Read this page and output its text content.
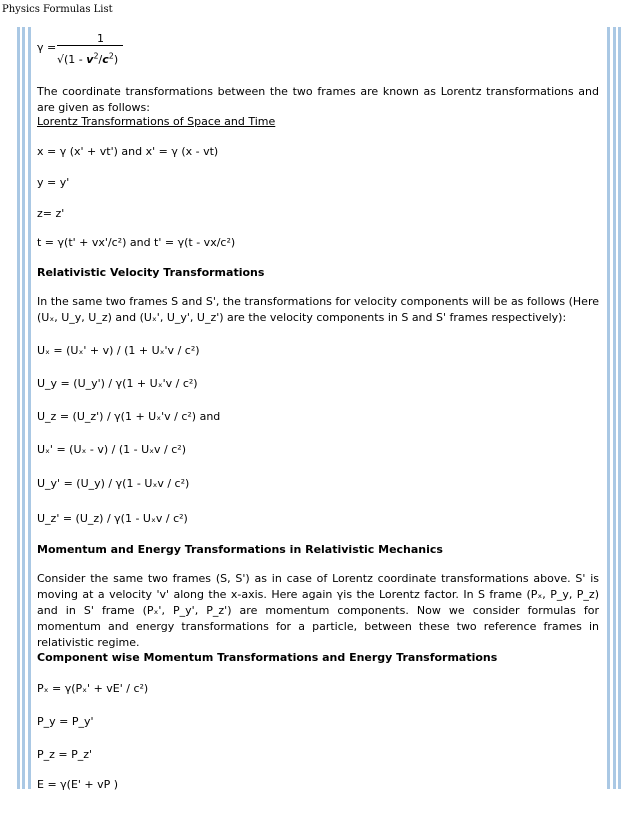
Physics Formulas List
γ =
1
$√(1 - v^2/c^2)$

The coordinate transformations between the two frames are known as Lorentz transformations and are given as follows:

Lorentz Transformations of Space and Time

x = γ (x' + vt') and x' = γ (x - vt)

y = y'

z= z'

t = γ(t' + vx'/c²) and t' = γ(t - vx/c²)

Relativistic Velocity Transformations

In the same two frames S and S', the transformations for velocity components will be as follows (Here (Uₓ, U_y, U_z) and (Uₓ', U_y', U_z') are the velocity components in S and S' frames respectively):

Uₓ = (Uₓ' + v) / (1 + Uₓ'v / c²)

U_y = (U_y') / γ(1 + Uₓ'v / c²)

U_z = (U_z') / γ(1 + Uₓ'v / c²) and

Uₓ' = (Uₓ - v) / (1 - Uₓv / c²)

U_y' = (U_y) / γ(1 - Uₓv / c²)

U_z' = (U_z) / γ(1 - Uₓv / c²)

Momentum and Energy Transformations in Relativistic Mechanics

Consider the same two frames (S, S') as in case of Lorentz coordinate transformations above. S' is moving at a velocity 'v' along the x-axis. Here again γis the Lorentz factor. In S frame (Pₓ, P_y, P_z) and in S' frame (Pₓ', P_y', P_z') are momentum components. Now we consider formulas for momentum and energy transformations for a particle, between these two reference frames in relativistic regime.

Component wise Momentum Transformations and Energy Transformations

Pₓ = γ(Pₓ' + vE' / c²)

P_y = P_y'

P_z = P_z'

E = γ(E' + vP )
